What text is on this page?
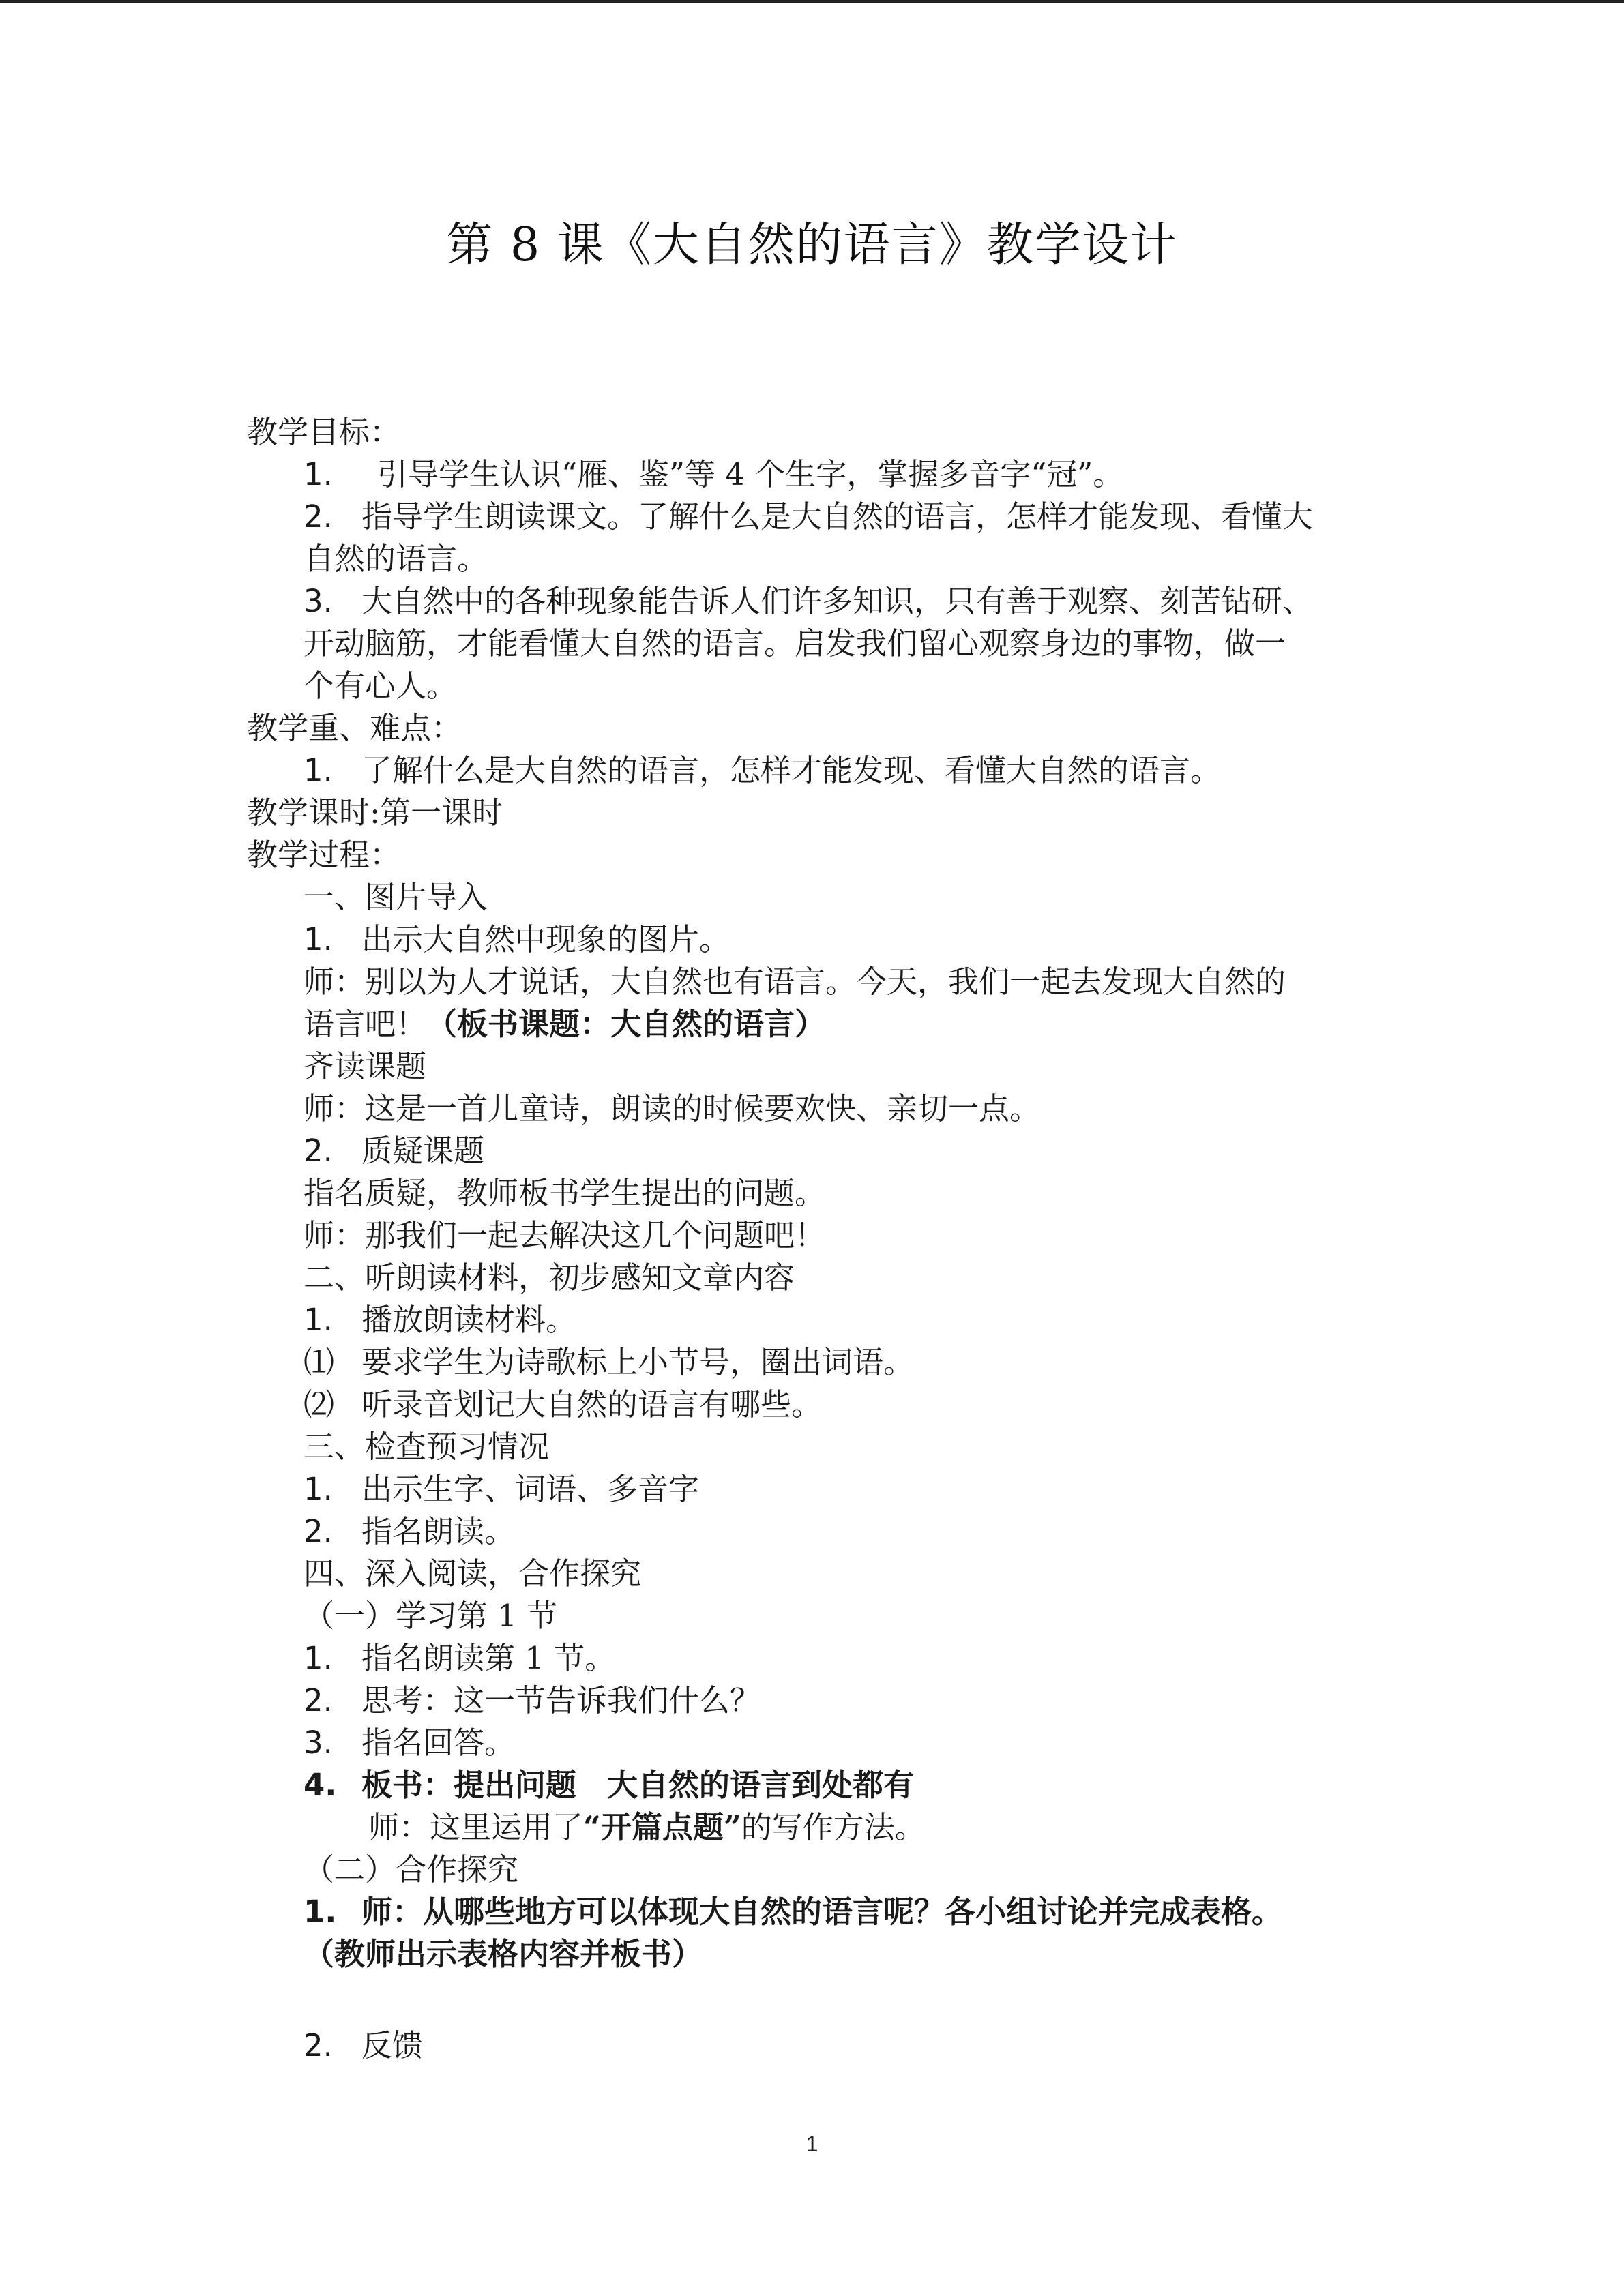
第 8 课《大自然的语言》教学设计
教学目标：
1. 引导学生认识“雁、鉴”等 4 个生字，掌握多音字“冠”。
2. 指导学生朗读课文。了解什么是大自然的语言，怎样才能发现、看懂大
自然的语言。
3. 大自然中的各种现象能告诉人们许多知识，只有善于观察、刻苦钻研、
开动脑筋，才能看懂大自然的语言。启发我们留心观察身边的事物，做一
个有心人。
教学重、难点：
1. 了解什么是大自然的语言，怎样才能发现、看懂大自然的语言。
教学课时:第一课时
教学过程：
一、图片导入
1. 出示大自然中现象的图片。
师：别以为人才说话，大自然也有语言。今天，我们一起去发现大自然的
语言吧！（板书课题：大自然的语言）
齐读课题
师：这是一首儿童诗，朗读的时候要欢快、亲切一点。
2. 质疑课题
指名质疑，教师板书学生提出的问题。
师：那我们一起去解决这几个问题吧！
二、听朗读材料，初步感知文章内容
1. 播放朗读材料。
⑴ 要求学生为诗歌标上小节号，圈出词语。
⑵ 听录音划记大自然的语言有哪些。
三、检查预习情况
1. 出示生字、词语、多音字
2. 指名朗读。
四、深入阅读，合作探究
（一）学习第 1 节
1. 指名朗读第 1 节。
2. 思考：这一节告诉我们什么？
3. 指名回答。
4. 板书：提出问题　大自然的语言到处都有
师：这里运用了“开篇点题”的写作方法。
（二）合作探究
1. 师：从哪些地方可以体现大自然的语言呢？各小组讨论并完成表格。
（教师出示表格内容并板书）
2. 反馈
1
